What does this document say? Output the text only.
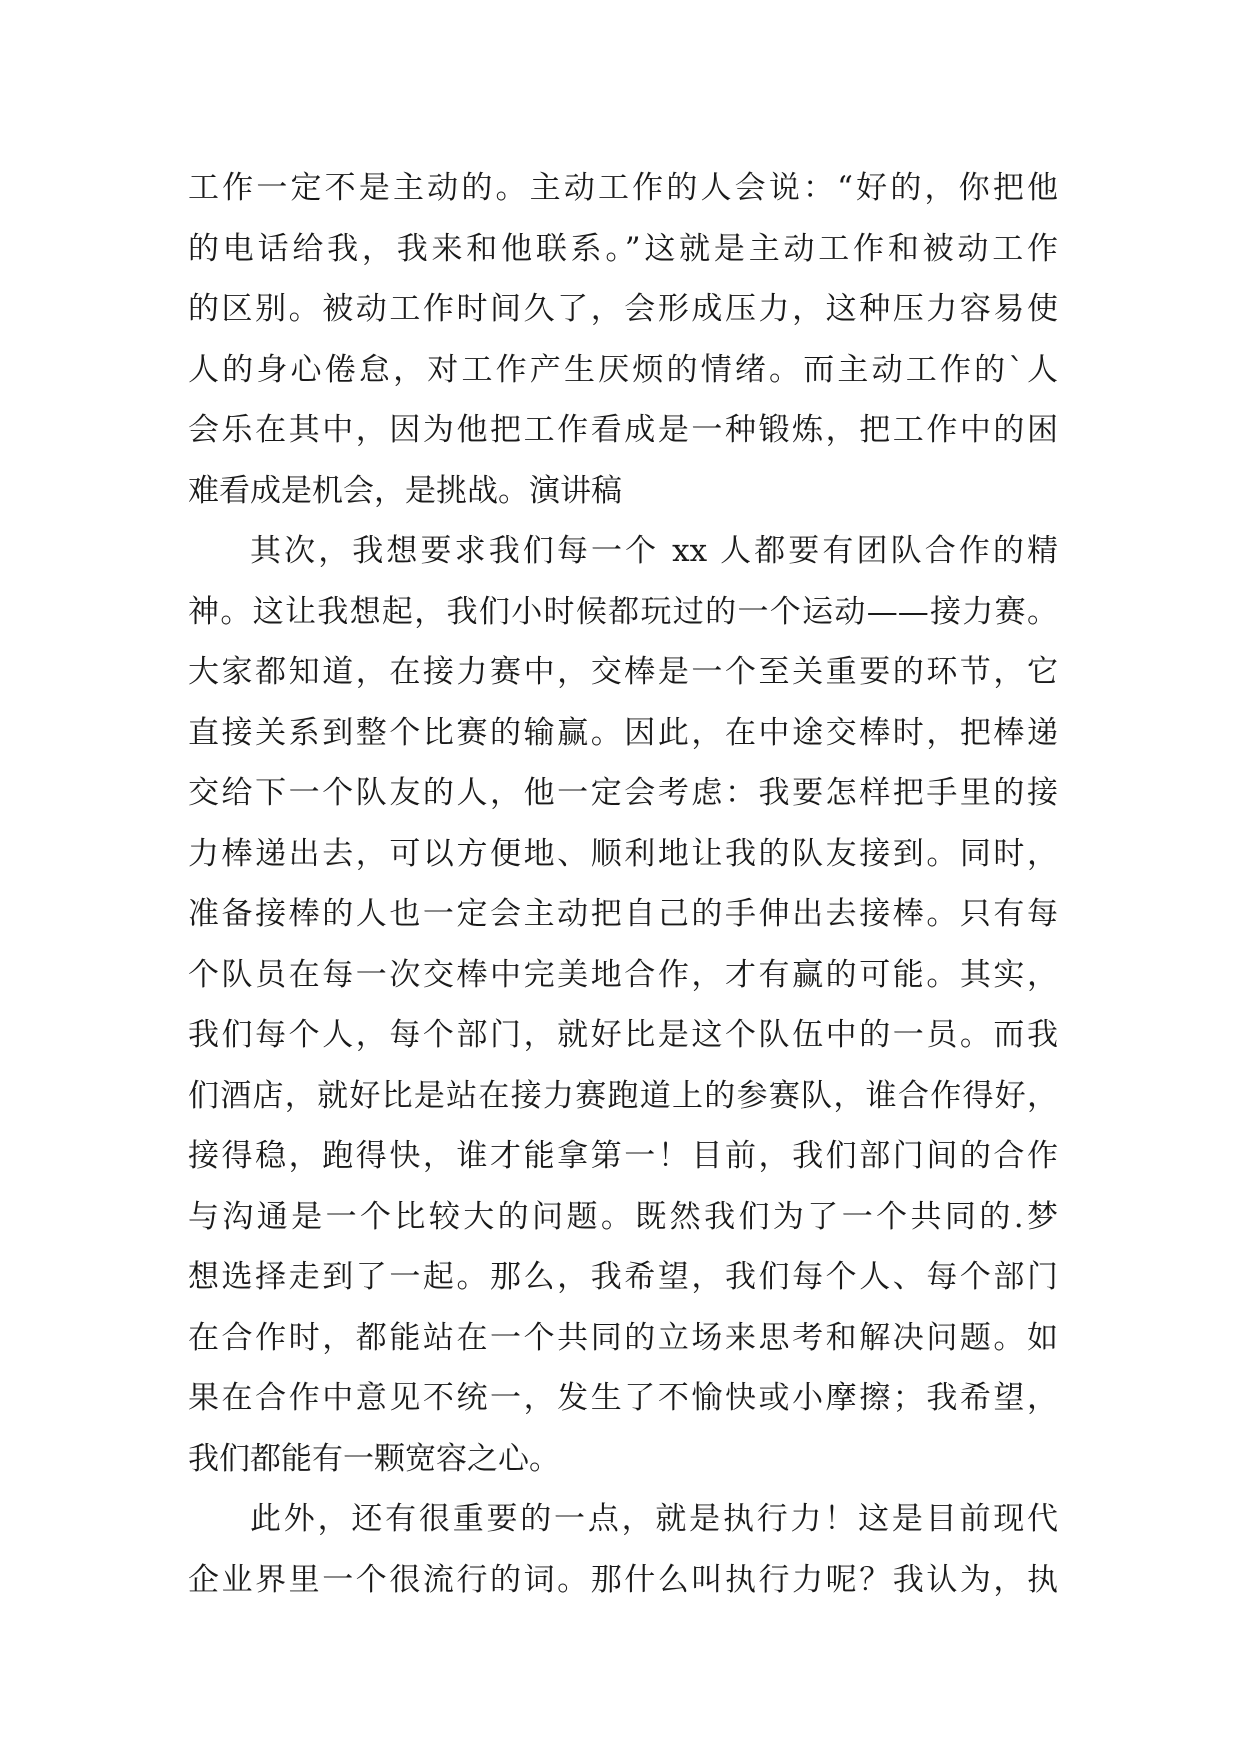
工作一定不是主动的。主动工作的人会说：“好的，你把他
的电话给我，我来和他联系。”这就是主动工作和被动工作
的区别。被动工作时间久了，会形成压力，这种压力容易使
人的身心倦怠，对工作产生厌烦的情绪。而主动工作的`人
会乐在其中，因为他把工作看成是一种锻炼，把工作中的困
难看成是机会，是挑战。演讲稿
其次，我想要求我们每一个 xx 人都要有团队合作的精
神。这让我想起，我们小时候都玩过的一个运动——接力赛。
大家都知道，在接力赛中，交棒是一个至关重要的环节，它
直接关系到整个比赛的输赢。因此，在中途交棒时，把棒递
交给下一个队友的人，他一定会考虑：我要怎样把手里的接
力棒递出去，可以方便地、顺利地让我的队友接到。同时，
准备接棒的人也一定会主动把自己的手伸出去接棒。只有每
个队员在每一次交棒中完美地合作，才有赢的可能。其实，
我们每个人，每个部门，就好比是这个队伍中的一员。而我
们酒店，就好比是站在接力赛跑道上的参赛队，谁合作得好，
接得稳，跑得快，谁才能拿第一！目前，我们部门间的合作
与沟通是一个比较大的问题。既然我们为了一个共同的.梦
想选择走到了一起。那么，我希望，我们每个人、每个部门
在合作时，都能站在一个共同的立场来思考和解决问题。如
果在合作中意见不统一，发生了不愉快或小摩擦；我希望，
我们都能有一颗宽容之心。
此外，还有很重要的一点，就是执行力！这是目前现代
企业界里一个很流行的词。那什么叫执行力呢？我认为，执
